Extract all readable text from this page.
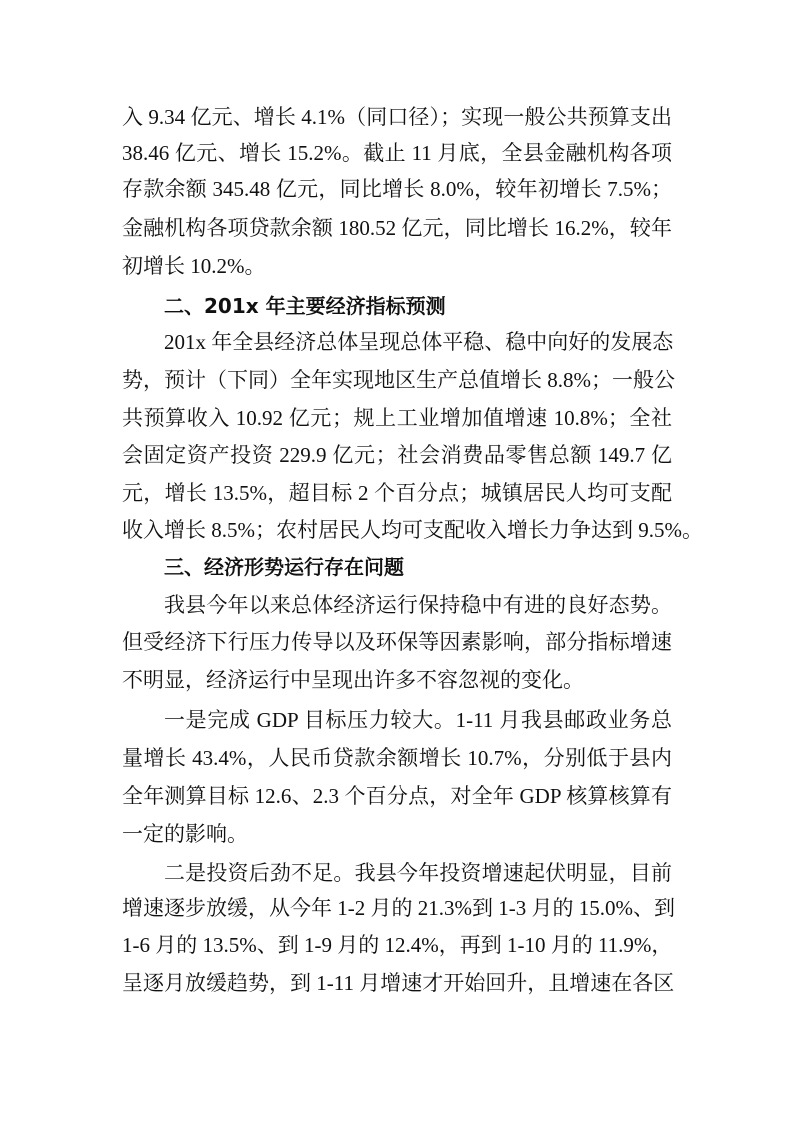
入 9.34 亿元、增长 4.1%（同口径）；实现一般公共预算支出
38.46 亿元、增长 15.2%。截止 11 月底，全县金融机构各项
存款余额 345.48 亿元，同比增长 8.0%，较年初增长 7.5%；
金融机构各项贷款余额 180.52 亿元，同比增长 16.2%，较年
初增长 10.2%。
二、201x 年主要经济指标预测
201x 年全县经济总体呈现总体平稳、稳中向好的发展态
势，预计（下同）全年实现地区生产总值增长 8.8%；一般公
共预算收入 10.92 亿元；规上工业增加值增速 10.8%；全社
会固定资产投资 229.9 亿元；社会消费品零售总额 149.7 亿
元，增长 13.5%，超目标 2 个百分点；城镇居民人均可支配
收入增长 8.5%；农村居民人均可支配收入增长力争达到 9.5%。
三、经济形势运行存在问题
我县今年以来总体经济运行保持稳中有进的良好态势。
但受经济下行压力传导以及环保等因素影响，部分指标增速
不明显，经济运行中呈现出许多不容忽视的变化。
一是完成 GDP 目标压力较大。1-11 月我县邮政业务总
量增长 43.4%，人民币贷款余额增长 10.7%，分别低于县内
全年测算目标 12.6、2.3 个百分点，对全年 GDP 核算核算有
一定的影响。
二是投资后劲不足。我县今年投资增速起伏明显，目前
增速逐步放缓，从今年 1-2 月的 21.3%到 1-3 月的 15.0%、到
1-6 月的 13.5%、到 1-9 月的 12.4%，再到 1-10 月的 11.9%，
呈逐月放缓趋势，到 1-11 月增速才开始回升，且增速在各区
